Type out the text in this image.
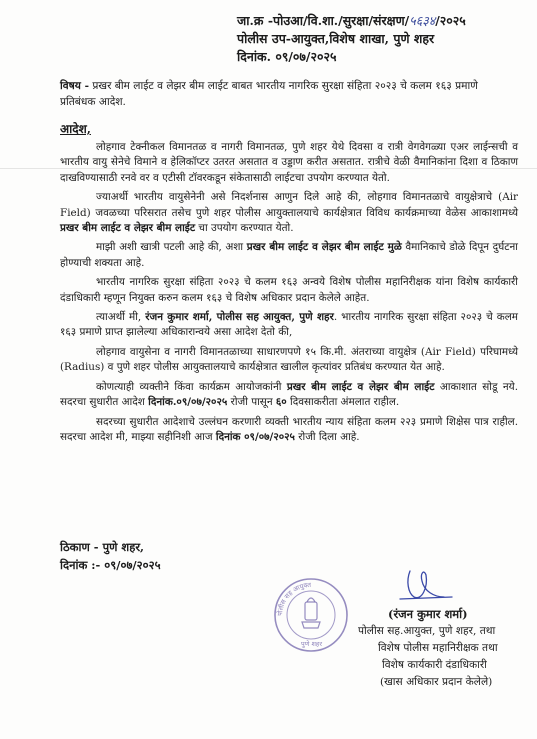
जा.क्र -पोउआ/वि.शा./सुरक्षा/संरक्षण/५६३४/२०२५
पोलीस उप-आयुक्त,विशेष शाखा, पुणे शहर
दिनांक. ०९/०७/२०२५
विषय - प्रखर बीम लाईट व लेझर बीम लाईट बाबत भारतीय नागरिक सुरक्षा संहिता २०२३ चे कलम १६३ प्रमाणे प्रतिबंधक आदेश.
आदेश,

लोहगाव टेक्नीकल विमानतळ व नागरी विमानतळ, पुणे शहर येथे दिवसा व रात्री वेगवेगळ्या एअर लाईन्सची व भारतीय वायु सेनेचे विमाने व हेलिकॉप्टर उतरत असतात व उड्डाण करीत असतात. रात्रीचे वेळी वैमानिकांना दिशा व ठिकाण दाखविण्यासाठी रनवे वर व एटीसी टॉवरकडून संकेतासाठी लाईटचा उपयोग करण्यात येतो.

ज्याअर्थी भारतीय वायुसेनेनी असे निदर्शनास आणुन दिले आहे की, लोहगाव विमानतळाचे वायुक्षेत्राचे (Air Field) जवळच्या परिसरात तसेच पुणे शहर पोलीस आयुक्तालयाचे कार्यक्षेत्रात विविध कार्यक्रमाच्या वेळेस आकाशामध्ये प्रखर बीम लाईट व लेझर बीम लाईट चा उपयोग करण्यात येतो.

माझी अशी खात्री पटली आहे की, अशा प्रखर बीम लाईट व लेझर बीम लाईट मुळे वैमानिकाचे डोळे दिपून दुर्घटना होण्याची शक्यता आहे.

भारतीय नागरिक सुरक्षा संहिता २०२३ चे कलम १६३ अन्वये विशेष पोलीस महानिरीक्षक यांना विशेष कार्यकारी दंडाधिकारी म्हणून नियुक्त करुन कलम १६३ चे विशेष अधिकार प्रदान केलेले आहेत.

त्याअर्थी मी, रंजन कुमार शर्मा, पोलीस सह आयुक्त, पुणे शहर. भारतीय नागरिक सुरक्षा संहिता २०२३ चे कलम १६३ प्रमाणे प्राप्त झालेल्या अधिकारान्वये असा आदेश देतो की,

लोहगाव वायुसेना व नागरी विमानतळाच्या साधारणपणे १५ कि.मी. अंतराच्या वायुक्षेत्र (Air Field) परिघामध्ये (Radius) व पुणे शहर पोलीस आयुक्तालयाचे कार्यक्षेत्रात खालील कृत्यांवर प्रतिबंध करण्यात येत आहे.

कोणत्याही व्यक्तीने किंवा कार्यक्रम आयोजकांनी प्रखर बीम लाईट व लेझर बीम लाईट आकाशात सोडू नये. सदरचा सुधारीत आदेश दिनांक.०९/०७/२०२५ रोजी पासून ६० दिवसाकरीता अंमलात राहील.

सदरच्या सुधारीत आदेशाचे उल्लंघन करणारी व्यक्ती भारतीय न्याय संहिता कलम २२३ प्रमाणे शिक्षेस पात्र राहील. सदरचा आदेश मी, माझ्या सहीनिशी आज दिनांक ०९/०७/२०२५ रोजी दिला आहे.

ठिकाण - पुणे शहर,
दिनांक :- ०९/०७/२०२५
पोलीस सह आयुक्त
पुणे शहर
(रंजन कुमार शर्मा)
पोलीस सह.आयुक्त, पुणे शहर, तथा
विशेष पोलीस महानिरीक्षक तथा
विशेष कार्यकारी दंडाधिकारी
(खास अधिकार प्रदान केलेले)
